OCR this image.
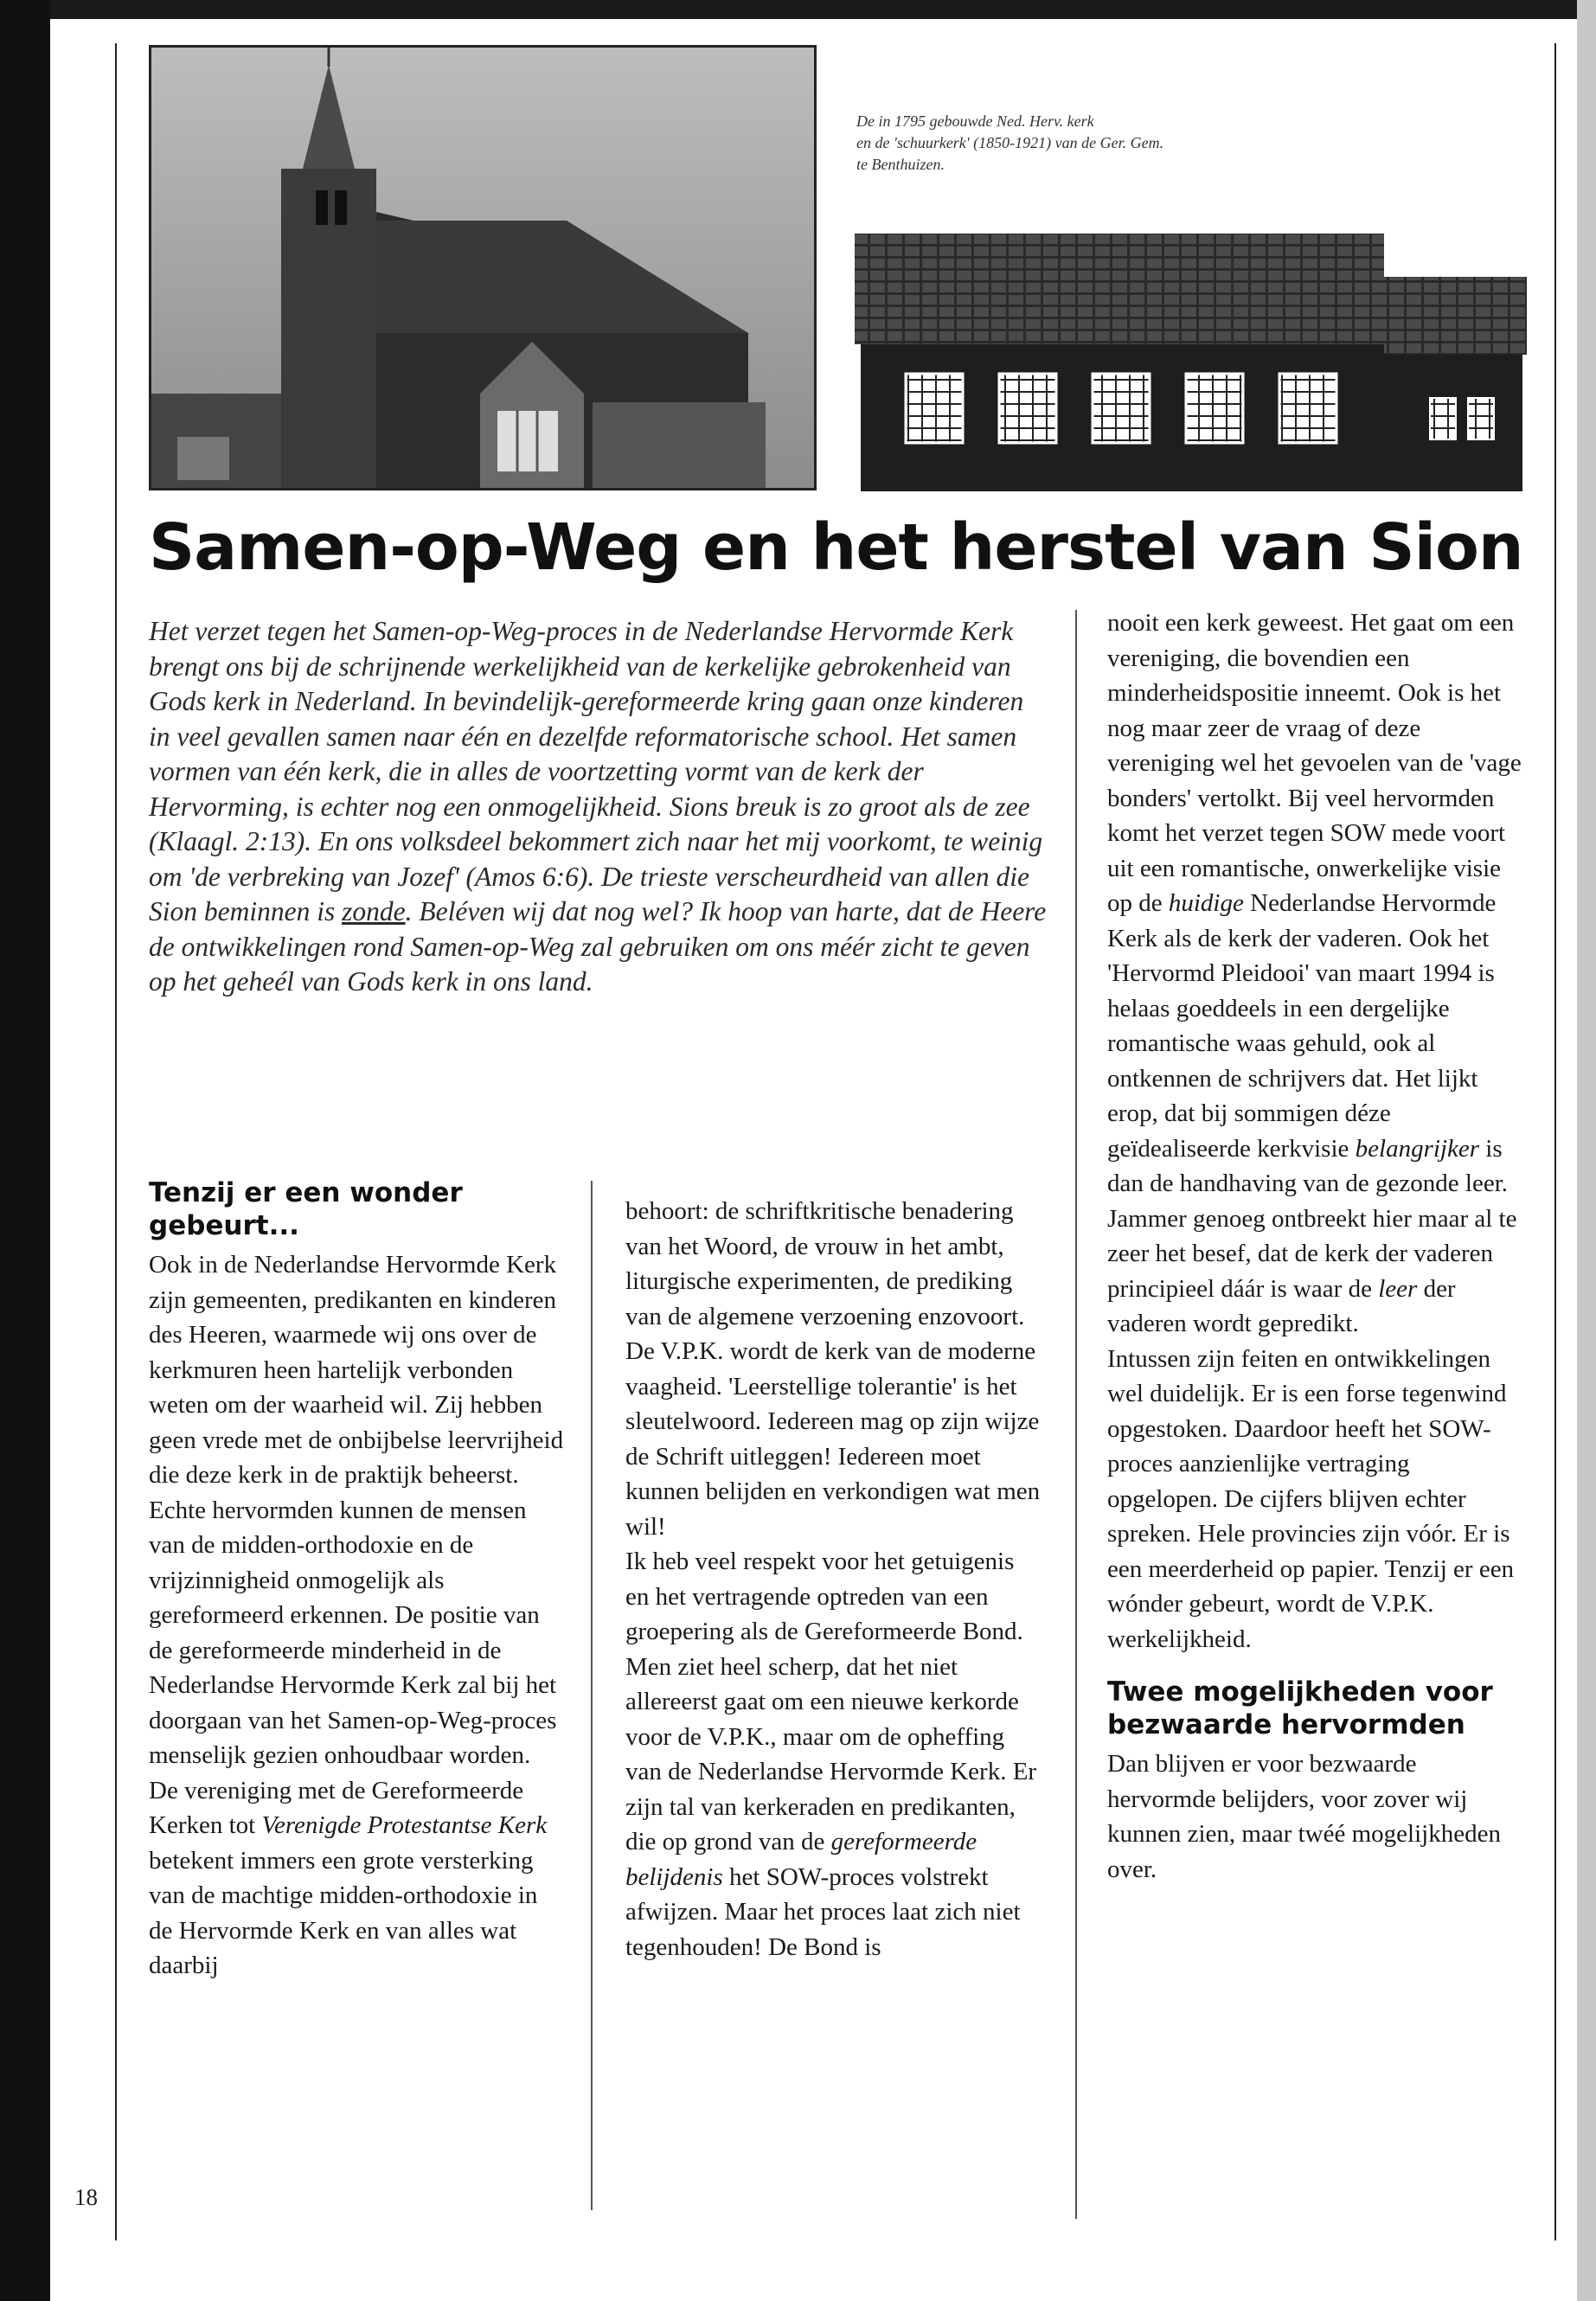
De in 1795 gebouwde Ned. Herv. kerk
en de 'schuurkerk' (1850-1921) van de Ger. Gem.
te Benthuizen.
Samen-op-Weg en het herstel van Sion

Het verzet tegen het Samen-op-Weg-proces in de Nederlandse Hervormde Kerk brengt ons bij de schrijnende werkelijkheid van de kerkelijke gebrokenheid van Gods kerk in Nederland. In bevindelijk-gereformeerde kring gaan onze kinderen in veel gevallen samen naar één en dezelfde reformatorische school. Het samen vormen van één kerk, die in alles de voortzetting vormt van de kerk der Hervorming, is echter nog een onmogelijkheid. Sions breuk is zo groot als de zee (Klaagl. 2:13). En ons volksdeel bekommert zich naar het mij voorkomt, te weinig om 'de verbreking van Jozef' (Amos 6:6). De trieste verscheurdheid van allen die Sion beminnen is zonde. Beléven wij dat nog wel? Ik hoop van harte, dat de Heere de ontwikkelingen rond Samen-op-Weg zal gebruiken om ons méér zicht te geven op het geheél van Gods kerk in ons land.

Tenzij er een wonder gebeurt...

Ook in de Nederlandse Hervormde Kerk zijn gemeenten, predikanten en kinderen des Heeren, waarmede wij ons over de kerkmuren heen hartelijk verbonden weten om der waarheid wil. Zij hebben geen vrede met de onbijbelse leervrijheid die deze kerk in de praktijk beheerst. Echte hervormden kunnen de mensen van de midden-orthodoxie en de vrijzinnigheid onmogelijk als gereformeerd erkennen. De positie van de gereformeerde minderheid in de Nederlandse Hervormde Kerk zal bij het doorgaan van het Samen-op-Weg-proces menselijk gezien onhoudbaar worden. De vereniging met de Gereformeerde Kerken tot Verenigde Protestantse Kerk betekent immers een grote versterking van de machtige midden-orthodoxie in de Hervormde Kerk en van alles wat daarbij

behoort: de schriftkritische benadering van het Woord, de vrouw in het ambt, liturgische experimenten, de prediking van de algemene verzoening enzovoort. De V.P.K. wordt de kerk van de moderne vaagheid. 'Leerstellige tolerantie' is het sleutelwoord. Iedereen mag op zijn wijze de Schrift uitleggen! Iedereen moet kunnen belijden en verkondigen wat men wil!

Ik heb veel respekt voor het getuigenis en het vertragende optreden van een groepering als de Gereformeerde Bond. Men ziet heel scherp, dat het niet allereerst gaat om een nieuwe kerkorde voor de V.P.K., maar om de opheffing van de Nederlandse Hervormde Kerk. Er zijn tal van kerkeraden en predikanten, die op grond van de gereformeerde belijdenis het SOW-proces volstrekt afwijzen. Maar het proces laat zich niet tegenhouden! De Bond is

nooit een kerk geweest. Het gaat om een vereniging, die bovendien een minderheidspositie inneemt. Ook is het nog maar zeer de vraag of deze vereniging wel het gevoelen van de 'vage bonders' vertolkt. Bij veel hervormden komt het verzet tegen SOW mede voort uit een romantische, onwerkelijke visie op de huidige Nederlandse Hervormde Kerk als de kerk der vaderen. Ook het 'Hervormd Pleidooi' van maart 1994 is helaas goeddeels in een dergelijke romantische waas gehuld, ook al ontkennen de schrijvers dat. Het lijkt erop, dat bij sommigen déze geïdealiseerde kerkvisie belangrijker is dan de handhaving van de gezonde leer. Jammer genoeg ontbreekt hier maar al te zeer het besef, dat de kerk der vaderen principieel dáár is waar de leer der vaderen wordt gepredikt.

Intussen zijn feiten en ontwikkelingen wel duidelijk. Er is een forse tegenwind opgestoken. Daardoor heeft het SOW-proces aanzienlijke vertraging opgelopen. De cijfers blijven echter spreken. Hele provincies zijn vóór. Er is een meerderheid op papier. Tenzij er een wónder gebeurt, wordt de V.P.K. werkelijkheid.

Twee mogelijkheden voor bezwaarde hervormden

Dan blijven er voor bezwaarde hervormde belijders, voor zover wij kunnen zien, maar twéé mogelijkheden over.

18
